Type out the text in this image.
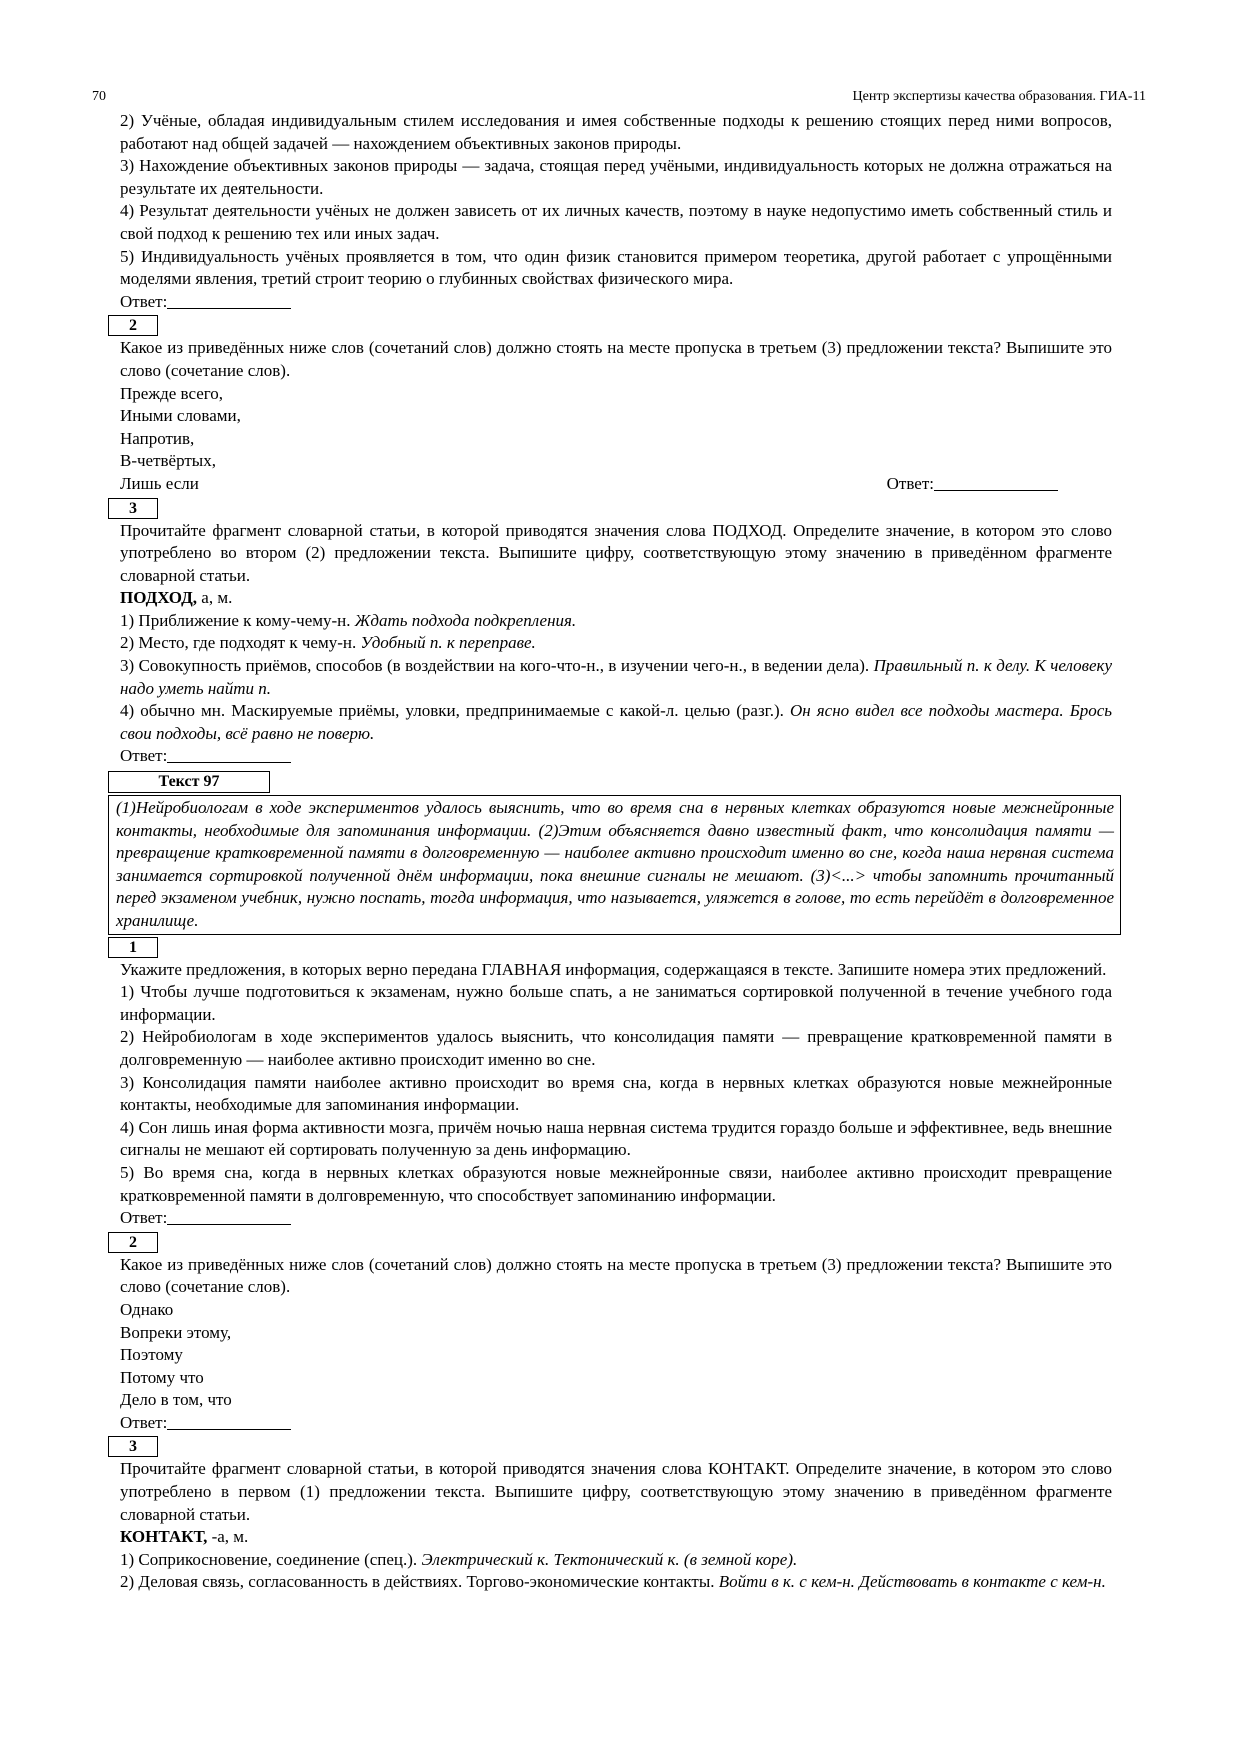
70	Центр экспертизы качества образования. ГИА-11

2) Учёные, обладая индивидуальным стилем исследования и имея собственные подходы к решению стоящих перед ними вопросов, работают над общей задачей — нахождением объективных законов природы.

3) Нахождение объективных законов природы — задача, стоящая перед учёными, индивидуальность которых не должна отражаться на результате их деятельности.

4) Результат деятельности учёных не должен зависеть от их личных качеств, поэтому в науке недопустимо иметь собственный стиль и свой подход к решению тех или иных задач.

5) Индивидуальность учёных проявляется в том, что один физик становится примером теоретика, другой работает с упрощёнными моделями явления, третий строит теорию о глубинных свойствах физического мира.

Ответ:

2

Какое из приведённых ниже слов (сочетаний слов) должно стоять на месте пропуска в третьем (3) предложении текста? Выпишите это слово (сочетание слов).

Прежде всего,

Иными словами,

Напротив,

В-четвёртых,

Лишь если	Ответ:
3

Прочитайте фрагмент словарной статьи, в которой приводятся значения слова ПОДХОД. Определите значение, в котором это слово употреблено во втором (2) предложении текста. Выпишите цифру, соответствующую этому значению в приведённом фрагменте словарной статьи.

ПОДХОД, а, м.

1) Приближение к кому-чему-н. Ждать подхода подкрепления.

2) Место, где подходят к чему-н. Удобный п. к переправе.

3) Совокупность приёмов, способов (в воздействии на кого-что-н., в изучении чего-н., в ведении дела). Правильный п. к делу. К человеку надо уметь найти п.

4) обычно мн. Маскируемые приёмы, уловки, предпринимаемые с какой-л. целью (разг.). Он ясно видел все подходы мастера. Брось свои подходы, всё равно не поверю.

Ответ:

Текст 97
(1)Нейробиологам в ходе экспериментов удалось выяснить, что во время сна в нервных клетках образуются новые межнейронные контакты, необходимые для запоминания информации. (2)Этим объясняется давно известный факт, что консолидация памяти — превращение кратковременной памяти в долговременную — наиболее активно происходит именно во сне, когда наша нервная система занимается сортировкой полученной днём информации, пока внешние сигналы не мешают. (3)<...> чтобы запомнить прочитанный перед экзаменом учебник, нужно поспать, тогда информация, что называется, уляжется в голове, то есть перейдёт в долговременное хранилище.
1

Укажите предложения, в которых верно передана ГЛАВНАЯ информация, содержащаяся в тексте. Запишите номера этих предложений.

1) Чтобы лучше подготовиться к экзаменам, нужно больше спать, а не заниматься сортировкой полученной в течение учебного года информации.

2) Нейробиологам в ходе экспериментов удалось выяснить, что консолидация памяти — превращение кратковременной памяти в долговременную — наиболее активно происходит именно во сне.

3) Консолидация памяти наиболее активно происходит во время сна, когда в нервных клетках образуются новые межнейронные контакты, необходимые для запоминания информации.

4) Сон лишь иная форма активности мозга, причём ночью наша нервная система трудится гораздо больше и эффективнее, ведь внешние сигналы не мешают ей сортировать полученную за день информацию.

5) Во время сна, когда в нервных клетках образуются новые межнейронные связи, наиболее активно происходит превращение кратковременной памяти в долговременную, что способствует запоминанию информации.

Ответ:

2

Какое из приведённых ниже слов (сочетаний слов) должно стоять на месте пропуска в третьем (3) предложении текста? Выпишите это слово (сочетание слов).

Однако

Вопреки этому,

Поэтому

Потому что

Дело в том, что

Ответ:

3

Прочитайте фрагмент словарной статьи, в которой приводятся значения слова КОНТАКТ. Определите значение, в котором это слово употреблено в первом (1) предложении текста. Выпишите цифру, соответствующую этому значению в приведённом фрагменте словарной статьи.

КОНТАКТ, -а, м.

1) Соприкосновение, соединение (спец.). Электрический к. Тектонический к. (в земной коре).

2) Деловая связь, согласованность в действиях. Торгово-экономические контакты. Войти в к. с кем-н. Действовать в контакте с кем-н.
